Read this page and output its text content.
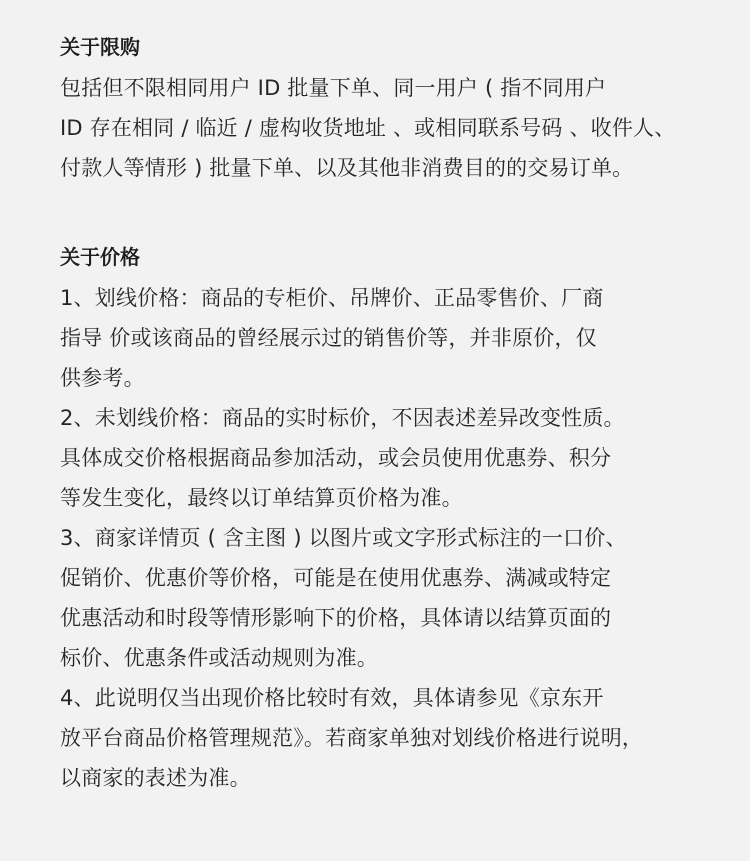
关于限购
包括但不限相同用户 ID 批量下单、同一用户 ( 指不同用户
ID 存在相同 / 临近 / 虚构收货地址 、或相同联系号码 、收件人、
付款人等情形 ) 批量下单、以及其他非消费目的的交易订单。
关于价格
1、划线价格：商品的专柜价、吊牌价、正品零售价、厂商
指导 价或该商品的曾经展示过的销售价等，并非原价，仅
供参考。
2、未划线价格：商品的实时标价，不因表述差异改变性质。
具体成交价格根据商品参加活动，或会员使用优惠券、积分
等发生变化，最终以订单结算页价格为准。
3、商家详情页 ( 含主图 ) 以图片或文字形式标注的一口价、
促销价、优惠价等价格，可能是在使用优惠券、满减或特定
优惠活动和时段等情形影响下的价格，具体请以结算页面的
标价、优惠条件或活动规则为准。
4、此说明仅当出现价格比较时有效，具体请参见《京东开
放平台商品价格管理规范》。若商家单独对划线价格进行说明，
以商家的表述为准。
